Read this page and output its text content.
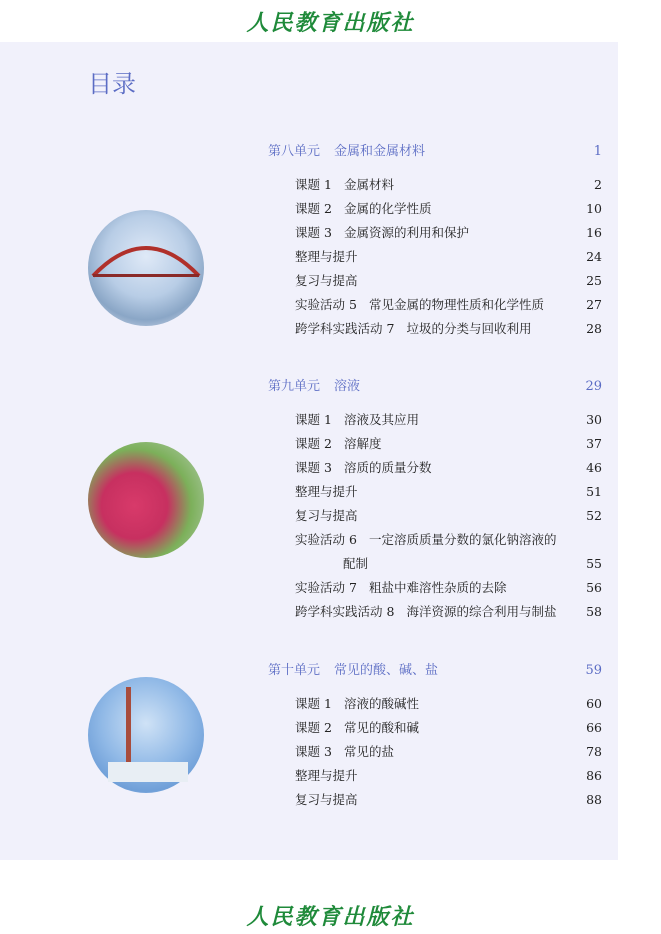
人民教育出版社
目录
第八单元 金属和金属材料	1
课题 1 金属材料	2
课题 2 金属的化学性质	10
课题 3 金属资源的利用和保护	16
整理与提升	24
复习与提高	25
实验活动 5 常见金属的物理性质和化学性质	27
跨学科实践活动 7 垃圾的分类与回收利用	28
第九单元 溶液	29
课题 1 溶液及其应用	30
课题 2 溶解度	37
课题 3 溶质的质量分数	46
整理与提升	51
复习与提高	52
实验活动 6 一定溶质质量分数的氯化钠溶液的
配制	55
实验活动 7 粗盐中难溶性杂质的去除	56
跨学科实践活动 8 海洋资源的综合利用与制盐 58
第十单元 常见的酸、碱、盐	59
课题 1 溶液的酸碱性	60
课题 2 常见的酸和碱	66
课题 3 常见的盐	78
整理与提升	86
复习与提高	88
人民教育出版社
